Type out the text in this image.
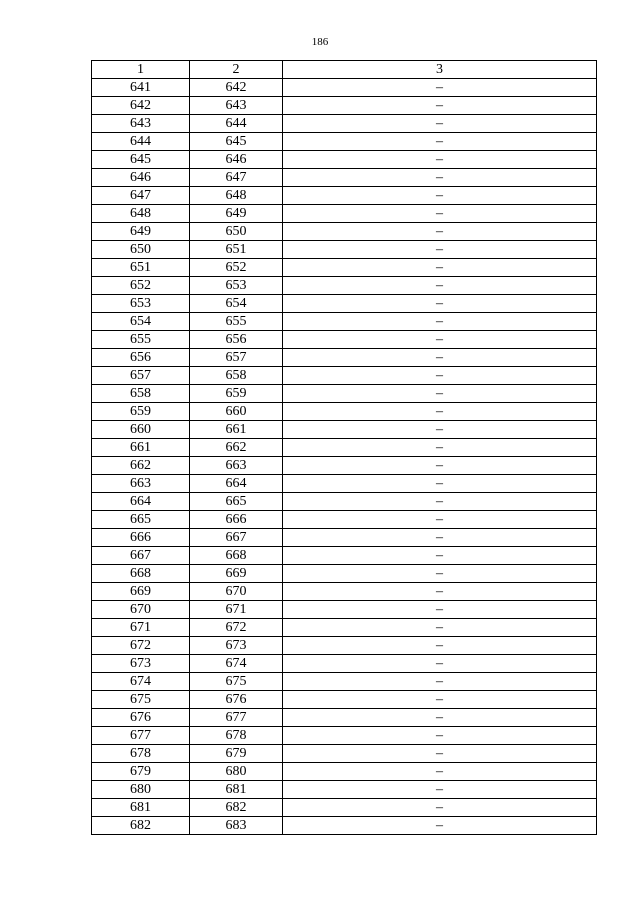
186
1	2	3
641	642	–
642	643	–
643	644	–
644	645	–
645	646	–
646	647	–
647	648	–
648	649	–
649	650	–
650	651	–
651	652	–
652	653	–
653	654	–
654	655	–
655	656	–
656	657	–
657	658	–
658	659	–
659	660	–
660	661	–
661	662	–
662	663	–
663	664	–
664	665	–
665	666	–
666	667	–
667	668	–
668	669	–
669	670	–
670	671	–
671	672	–
672	673	–
673	674	–
674	675	–
675	676	–
676	677	–
677	678	–
678	679	–
679	680	–
680	681	–
681	682	–
682	683	–
